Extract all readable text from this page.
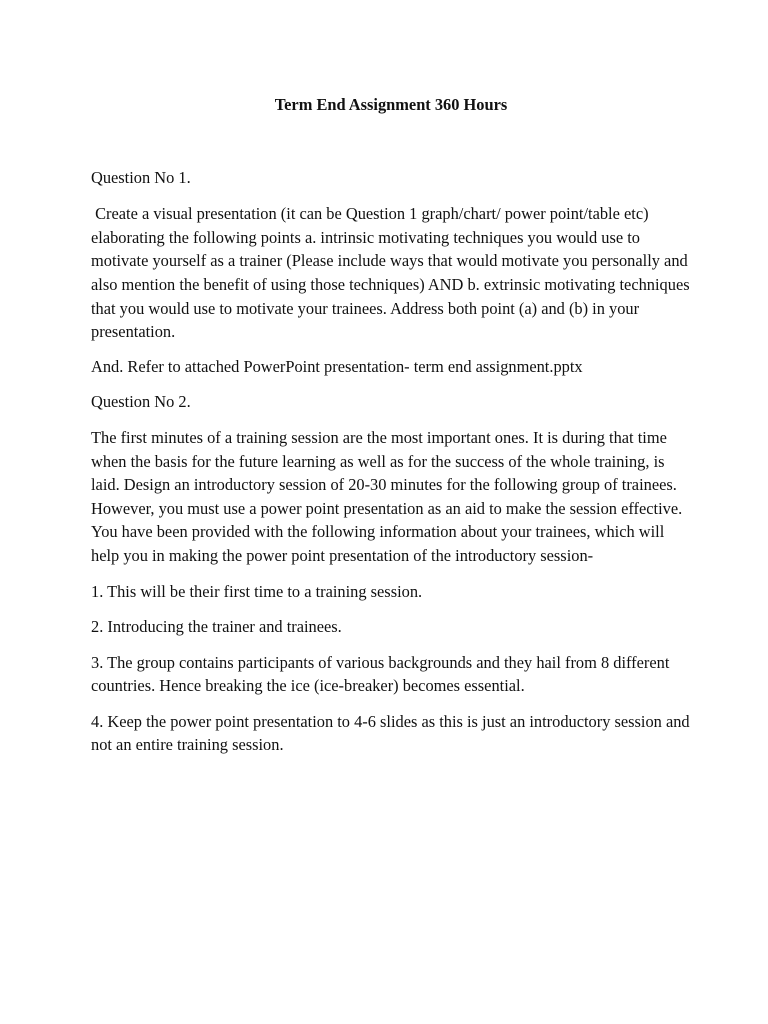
Term End Assignment 360 Hours

Question No 1.

Create a visual presentation (it can be Question 1 graph/chart/ power point/table etc) elaborating the following points a. intrinsic motivating techniques you would use to motivate yourself as a trainer (Please include ways that would motivate you personally and also mention the benefit of using those techniques) AND b. extrinsic motivating techniques that you would use to motivate your trainees. Address both point (a) and (b) in your presentation.

And. Refer to attached PowerPoint presentation- term end assignment.pptx

Question No 2.

The first minutes of a training session are the most important ones. It is during that time when the basis for the future learning as well as for the success of the whole training, is laid. Design an introductory session of 20-30 minutes for the following group of trainees. However, you must use a power point presentation as an aid to make the session effective. You have been provided with the following information about your trainees, which will help you in making the power point presentation of the introductory session-

1. This will be their first time to a training session.

2. Introducing the trainer and trainees.

3. The group contains participants of various backgrounds and they hail from 8 different countries. Hence breaking the ice (ice-breaker) becomes essential.

4. Keep the power point presentation to 4-6 slides as this is just an introductory session and not an entire training session.
